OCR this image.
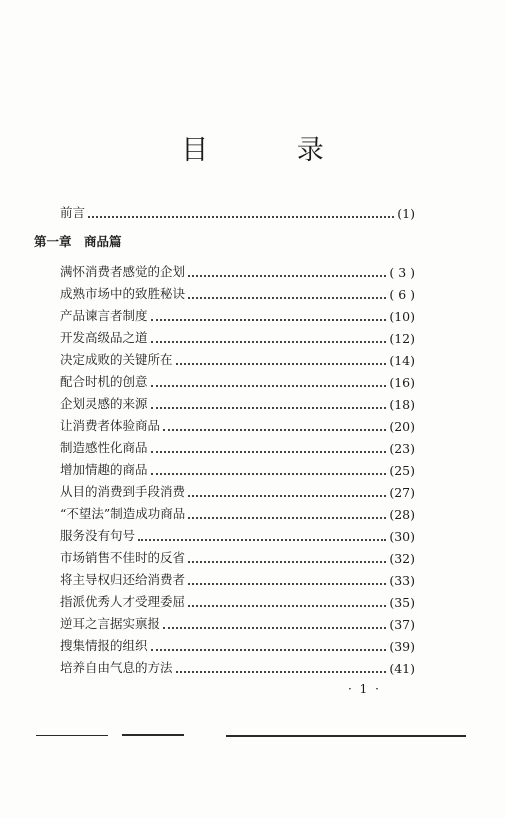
目 录
前言	(1)
第一章　商品篇
满怀消费者感觉的企划	( 3 )
成熟市场中的致胜秘诀	( 6 )
产品谏言者制度	(10)
开发高级品之道	(12)
决定成败的关键所在	(14)
配合时机的创意	(16)
企划灵感的来源	(18)
让消费者体验商品	(20)
制造感性化商品	(23)
增加情趣的商品	(25)
从目的消费到手段消费	(27)
“不望法”制造成功商品	(28)
服务没有句号	(30)
市场销售不佳时的反省	(32)
将主导权归还给消费者	(33)
指派优秀人才受理委屈	(35)
逆耳之言据实禀报	(37)
搜集情报的组织	(39)
培养自由气息的方法	(41)
· 1 ·
